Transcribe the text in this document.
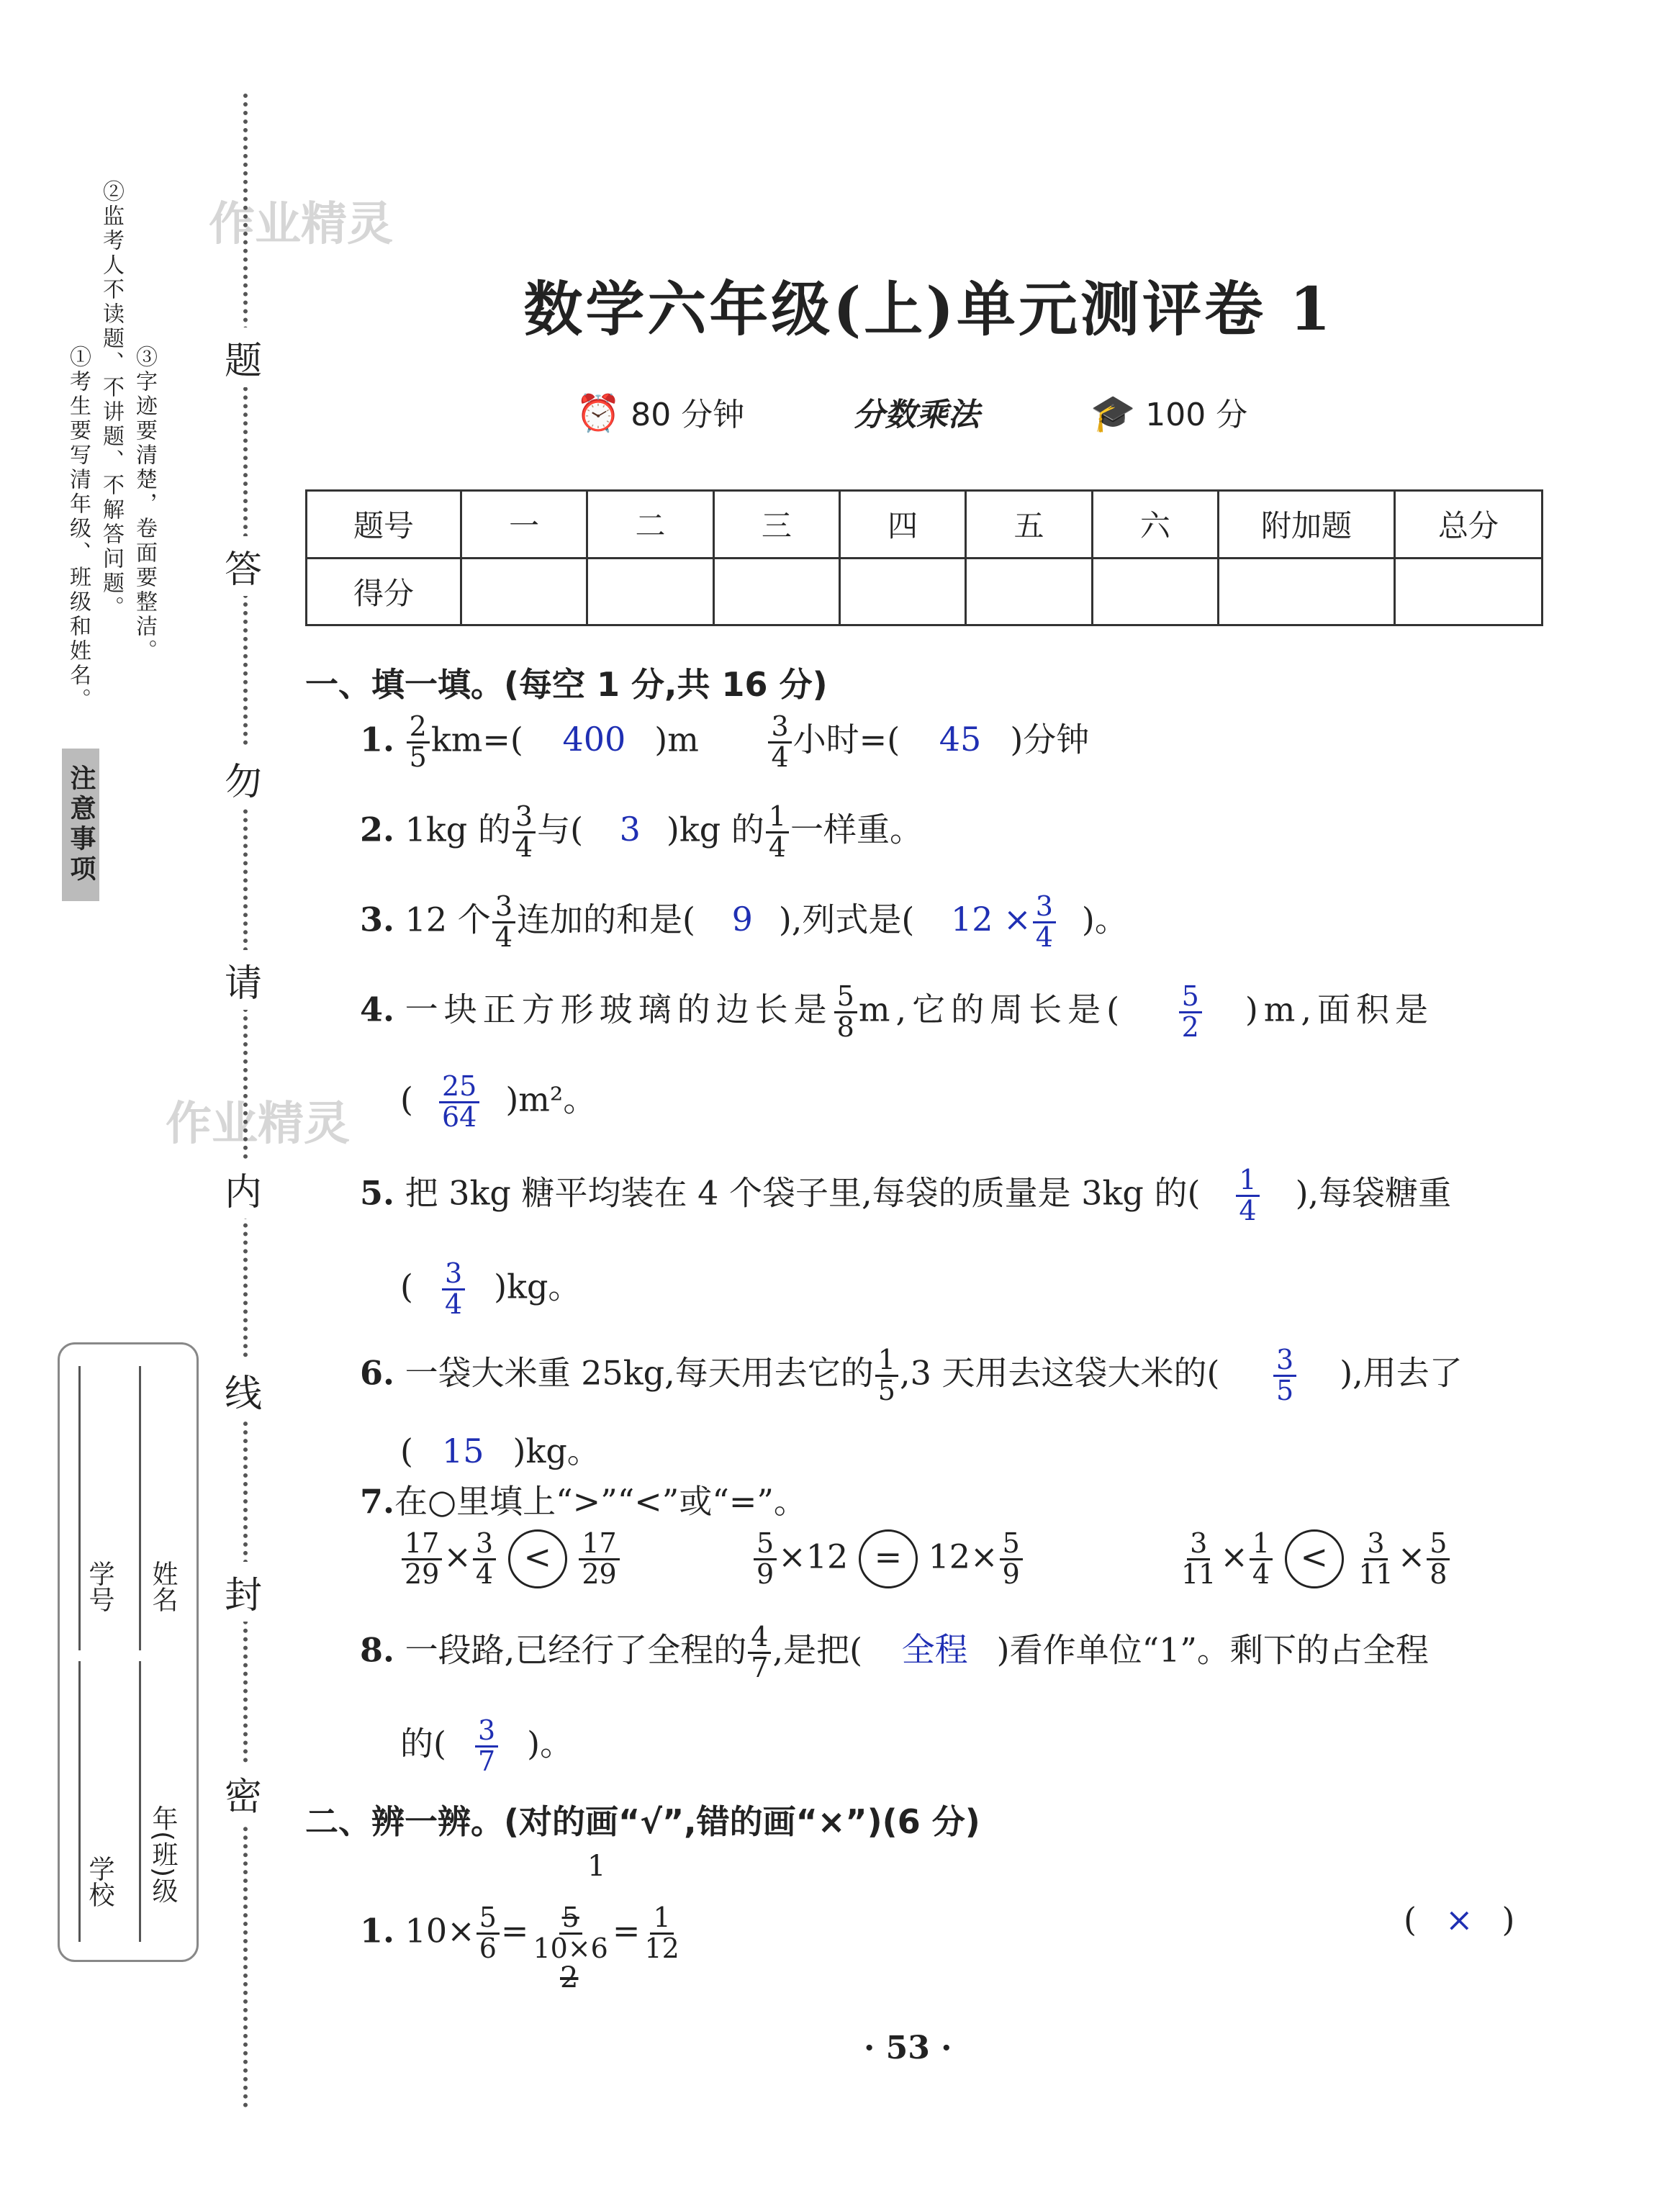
作业精灵
作业精灵
注意事项
①考生要写清年级、班级和姓名。 ②监考人不读题、不讲题、不解答问题。 ③字迹要清楚，卷面要整洁。 题
答
勿
请
内
线
封
密
学校 年(班)级
学号 姓名
数学六年级(上)单元测评卷 1
⏰ 80 分钟	分数乘法	🎓 100 分
题号	一	二	三	四	五	六	附加题	总分
得分								
一、填一填。(每空 1 分,共 16 分)
1. $\frac{2}{5} km=$( 400 )m	$\frac{3}{4}$ 小时=( 45 )分钟
2. 1kg 的 $\frac{3}{4}$ 与( 3 )kg 的 $\frac{1}{4}$ 一样重。
3. 12 个 $\frac{3}{4}$ 连加的和是( 9 ),列式是( $12 \times \frac{3}{4}$ )。
4. 一块正方形玻璃的边长是 $\frac{5}{8} m$,它的周长是( $\frac{5}{2} )m$,面积是
( $\frac{25}{64} )m^2$。
5. 把 3kg 糖平均装在 4 个袋子里,每袋的质量是 3kg 的( $\frac{1}{4}$ ),每袋糖重
( $\frac{3}{4} )kg$。
6. 一袋大米重 25kg,每天用去它的 $\frac{1}{5} ,3$ 天用去这袋大米的( $\frac{3}{5}$ ),用去了
( 15 )kg。
7.在○里填上“>”“<”或“=”。
$\frac{17}{29} \times \frac{3}{4} < \frac{17}{29}$	$\frac{5}{9} \times 12 = 12\times \frac{5}{9}$	$\frac{3}{11} \times \frac{1}{4} < \frac{3}{11} \times \frac{5}{8}$
8. 一段路,已经行了全程的 $\frac{4}{7}$ ,是把( 全程 )看作单位“1”。剩下的占全程
的( $\frac{3}{7}$ )。
二、辨一辨。(对的画“√”,错的画“×”)(6 分)
1
1. $10\times \frac{5}{6} = \frac{5}{10\times 6} = \frac{1}{12}$
2
( × )
· 53 ·
